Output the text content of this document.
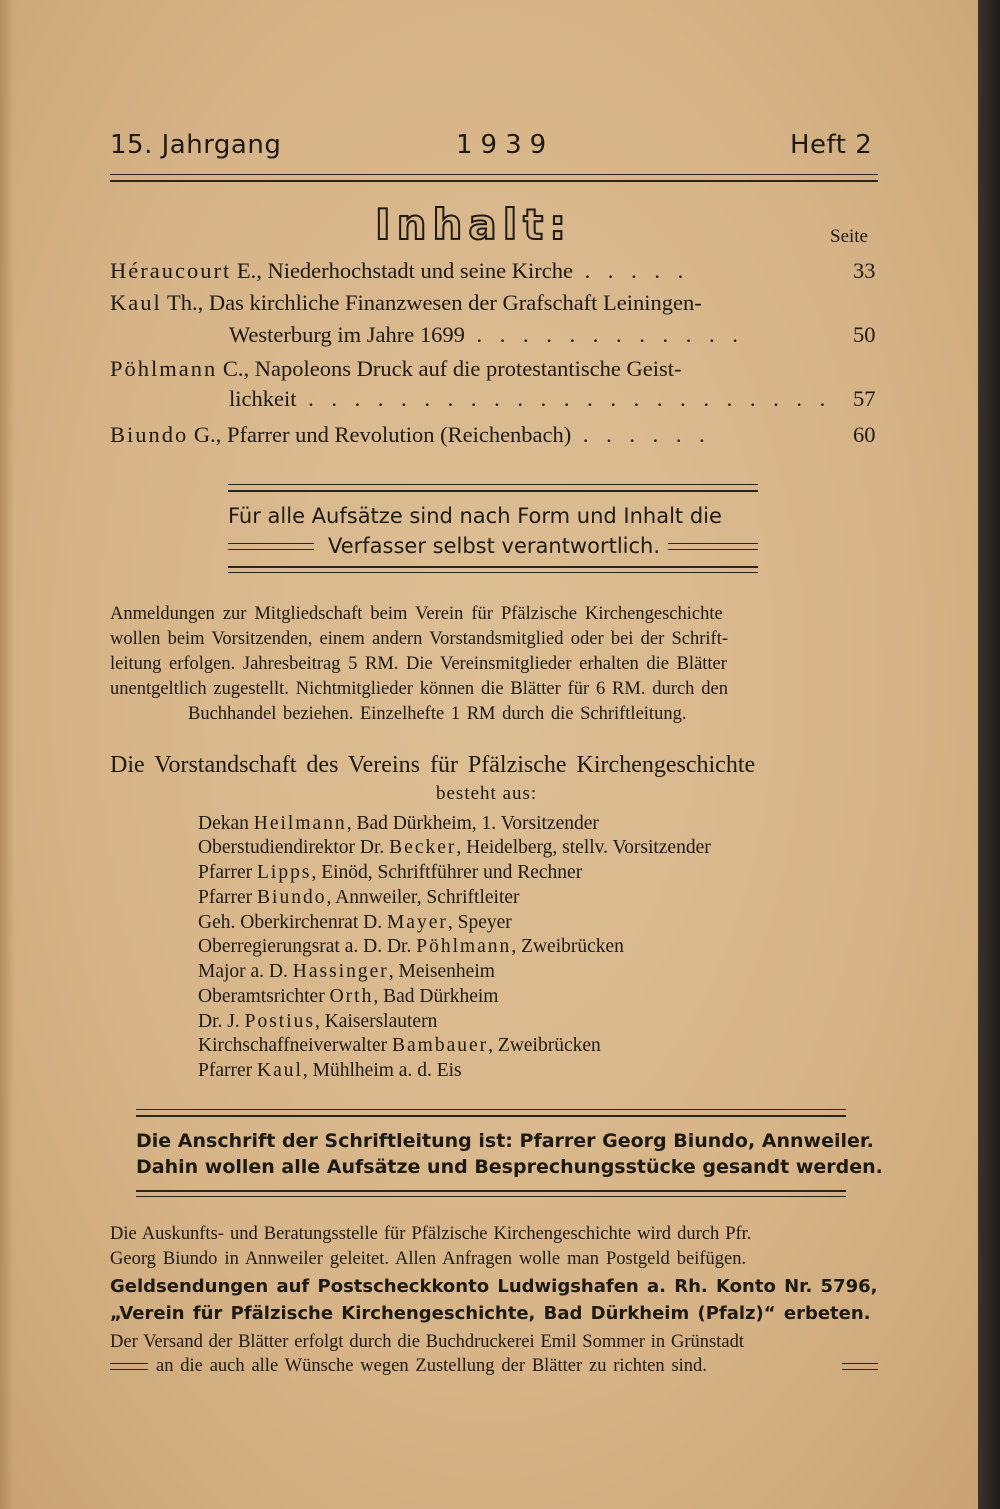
15. Jahrgang	1939	Heft 2
Inhalt:	Seite
Héraucourt E., Niederhochstadt und seine Kirche . . . . .	33
Kaul Th., Das kirchliche Finanzwesen der Grafschaft Leiningen-
Westerburg im Jahre 1699 . . . . . . . . . . . .	50
Pöhlmann C., Napoleons Druck auf die protestantische Geist-
lichkeit . . . . . . . . . . . . . . . . . . . . . . . 57
Biundo G., Pfarrer und Revolution (Reichenbach) . . . . . .	60
Für alle Aufsätze sind nach Form und Inhalt die
Verfasser selbst verantwortlich.
Anmeldungen zur Mitgliedschaft beim Verein für Pfälzische Kirchengeschichte
wollen beim Vorsitzenden, einem andern Vorstandsmitglied oder bei der Schrift-
leitung erfolgen. Jahresbeitrag 5 RM. Die Vereinsmitglieder erhalten die Blätter
unentgeltlich zugestellt. Nichtmitglieder können die Blätter für 6 RM. durch den
Buchhandel beziehen. Einzelhefte 1 RM durch die Schriftleitung.
Die Vorstandschaft des Vereins für Pfälzische Kirchengeschichte
besteht aus:
Dekan Heilmann, Bad Dürkheim, 1. Vorsitzender
Oberstudiendirektor Dr. Becker, Heidelberg, stellv. Vorsitzender
Pfarrer Lipps, Einöd, Schriftführer und Rechner
Pfarrer Biundo, Annweiler, Schriftleiter
Geh. Oberkirchenrat D. Mayer, Speyer
Oberregierungsrat a. D. Dr. Pöhlmann, Zweibrücken
Major a. D. Hassinger, Meisenheim
Oberamtsrichter Orth, Bad Dürkheim
Dr. J. Postius, Kaiserslautern
Kirchschaffneiverwalter Bambauer, Zweibrücken
Pfarrer Kaul, Mühlheim a. d. Eis
Die Anschrift der Schriftleitung ist: Pfarrer Georg Biundo, Annweiler.
Dahin wollen alle Aufsätze und Besprechungsstücke gesandt werden.
Die Auskunfts- und Beratungsstelle für Pfälzische Kirchengeschichte wird durch Pfr.
Georg Biundo in Annweiler geleitet. Allen Anfragen wolle man Postgeld beifügen.
Geldsendungen auf Postscheckkonto Ludwigshafen a. Rh. Konto Nr. 5796,
„Verein für Pfälzische Kirchengeschichte, Bad Dürkheim (Pfalz)“ erbeten.
Der Versand der Blätter erfolgt durch die Buchdruckerei Emil Sommer in Grünstadt
an die auch alle Wünsche wegen Zustellung der Blätter zu richten sind.
